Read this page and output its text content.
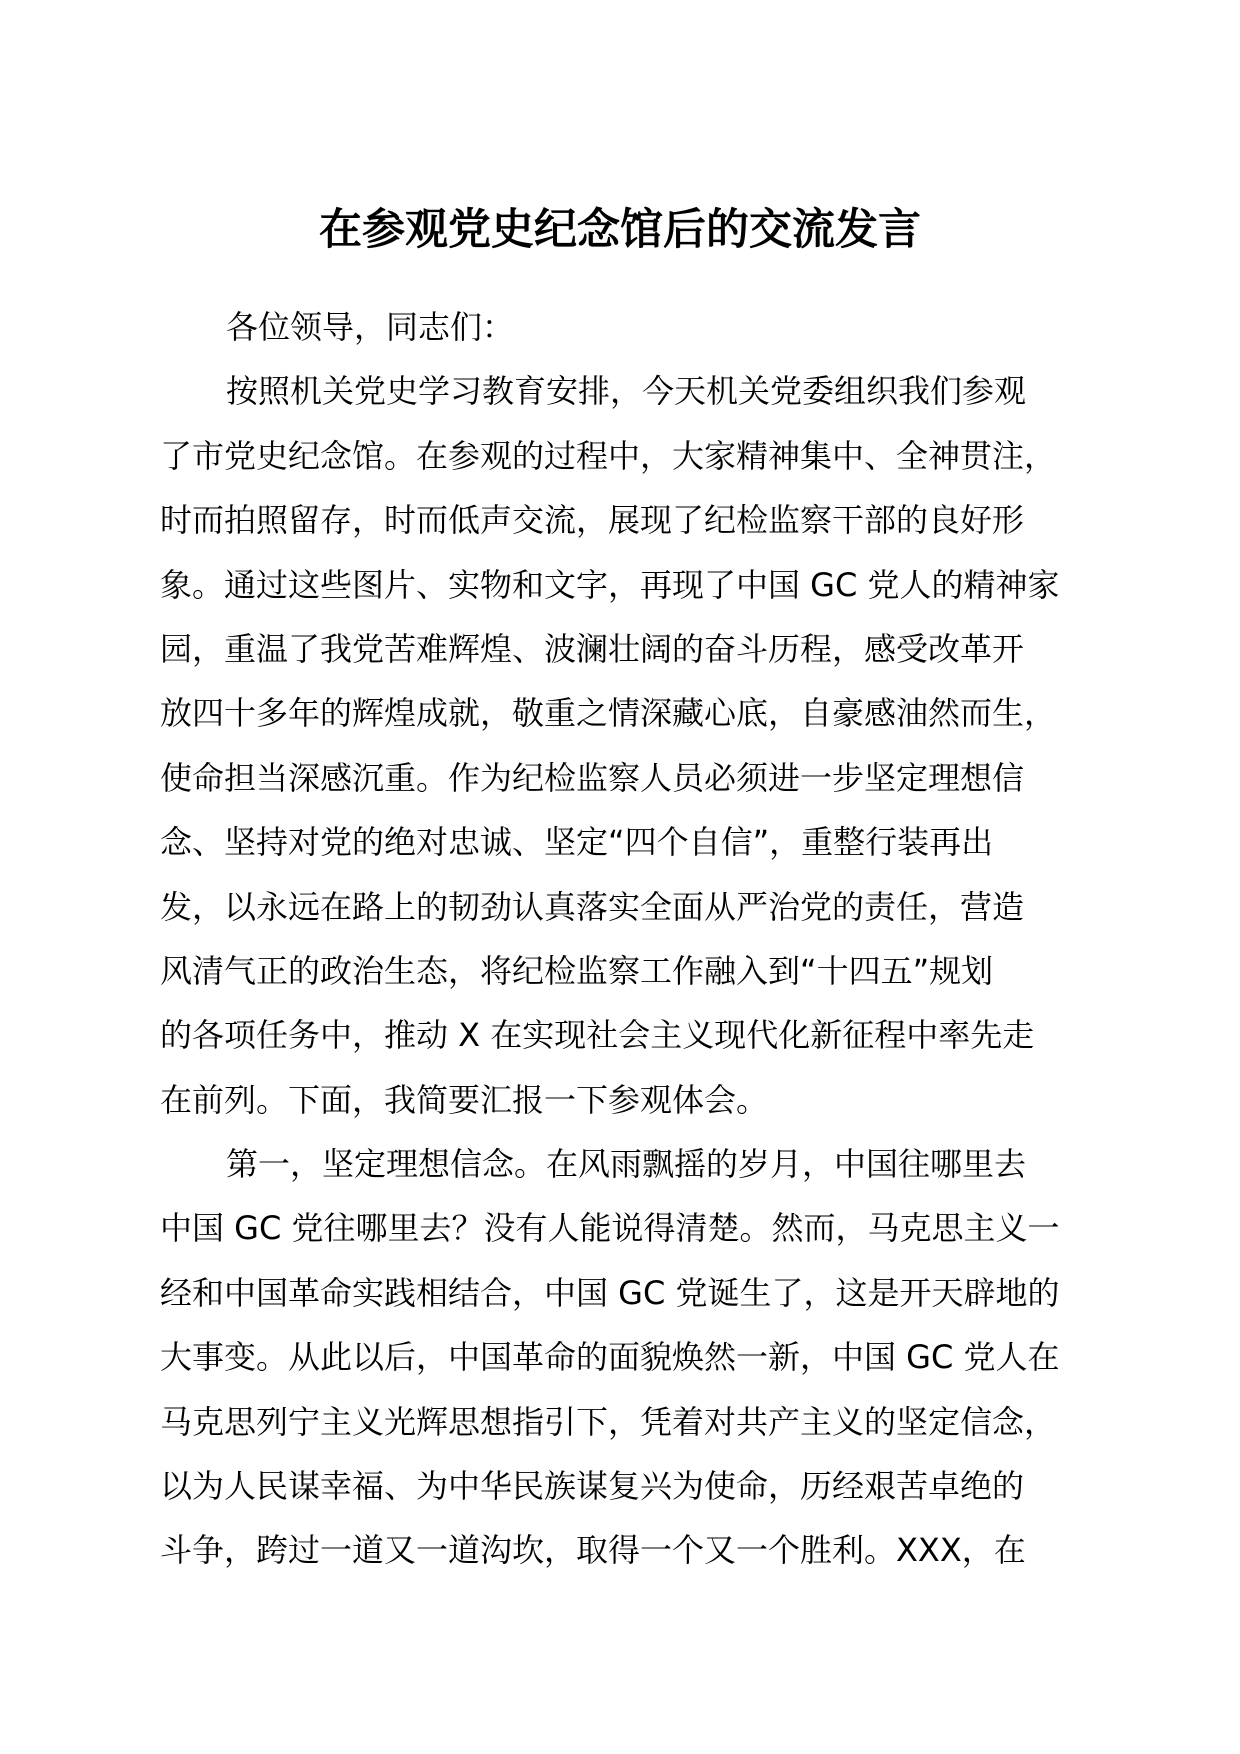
在参观党史纪念馆后的交流发言
各位领导，同志们：
按照机关党史学习教育安排，今天机关党委组织我们参观
了市党史纪念馆。在参观的过程中，大家精神集中、全神贯注，
时而拍照留存，时而低声交流，展现了纪检监察干部的良好形
象。通过这些图片、实物和文字，再现了中国 GC 党人的精神家
园，重温了我党苦难辉煌、波澜壮阔的奋斗历程，感受改革开
放四十多年的辉煌成就，敬重之情深藏心底，自豪感油然而生，
使命担当深感沉重。作为纪检监察人员必须进一步坚定理想信
念、坚持对党的绝对忠诚、坚定“四个自信”，重整行装再出
发，以永远在路上的韧劲认真落实全面从严治党的责任，营造
风清气正的政治生态，将纪检监察工作融入到“十四五”规划
的各项任务中，推动 X 在实现社会主义现代化新征程中率先走
在前列。下面，我简要汇报一下参观体会。
第一，坚定理想信念。在风雨飘摇的岁月，中国往哪里去
中国 GC 党往哪里去？没有人能说得清楚。然而，马克思主义一
经和中国革命实践相结合，中国 GC 党诞生了，这是开天辟地的
大事变。从此以后，中国革命的面貌焕然一新，中国 GC 党人在
马克思列宁主义光辉思想指引下，凭着对共产主义的坚定信念，
以为人民谋幸福、为中华民族谋复兴为使命，历经艰苦卓绝的
斗争，跨过一道又一道沟坎，取得一个又一个胜利。XXX，在
